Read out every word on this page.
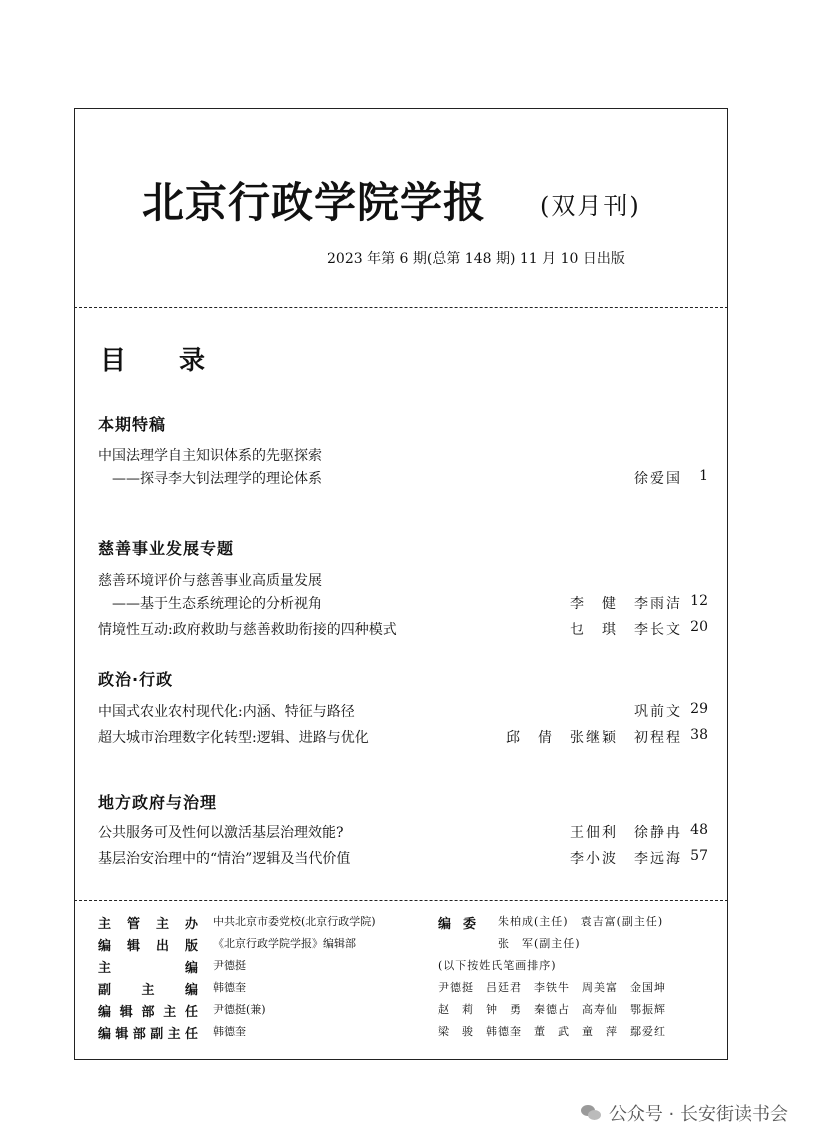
北京行政学院学报 (双月刊)
2023 年第 6 期(总第 148 期) 11 月 10 日出版
目 录
本期特稿
中国法理学自主知识体系的先驱探索
——探寻李大钊法理学的理论体系	徐爱国	1
慈善事业发展专题
慈善环境评价与慈善事业高质量发展
——基于生态系统理论的分析视角	李　健　李雨洁 12
情境性互动:政府救助与慈善救助衔接的四种模式	乜　琪　李长文 20
政治·行政
中国式农业农村现代化:内涵、特征与路径	巩前文 29
超大城市治理数字化转型:逻辑、进路与优化	邱　倩　张继颖　初程程 38
地方政府与治理
公共服务可及性何以激活基层治理效能?	王佃利　徐静冉 48
基层治安治理中的“情治”逻辑及当代价值	李小波　李远海 57
主管主办 中共北京市委党校(北京行政学院)
编辑出版 《北京行政学院学报》编辑部
主编 尹德挺
副主编 韩德奎
编辑部主任 尹德挺(兼)
编辑部副主任 韩德奎
编委 朱柏成(主任)　袁吉富(副主任)
张　军(副主任)
(以下按姓氏笔画排序)
尹德挺　吕廷君　李铁牛　周美富　金国坤
赵　莉　钟　勇　秦德占　高寿仙　鄂振辉
梁　骏　韩德奎　董　武　童　萍　鄢爱红
公众号 · 长安街读书会
